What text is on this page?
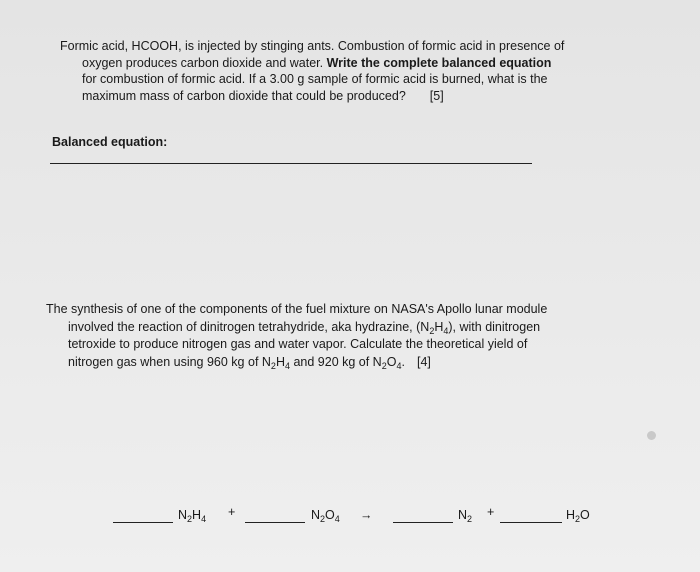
Formic acid, HCOOH, is injected by stinging ants. Combustion of formic acid in presence of
oxygen produces carbon dioxide and water. Write the complete balanced equation
for combustion of formic acid. If a 3.00 g sample of formic acid is burned, what is the
maximum mass of carbon dioxide that could be produced? [5]
Balanced equation:
The synthesis of one of the components of the fuel mixture on NASA's Apollo lunar module
involved the reaction of dinitrogen tetrahydride, aka hydrazine, $(N_2H_4)$, with dinitrogen
tetroxide to produce nitrogen gas and water vapor. Calculate the theoretical yield of
nitrogen gas when using 960 kg of $N_2H_4$ and 920 kg of $N_2O_4$. [4]
$N_2H_4$ +	$N_2O_4$ →	$N_2$ +	$H_2O$
